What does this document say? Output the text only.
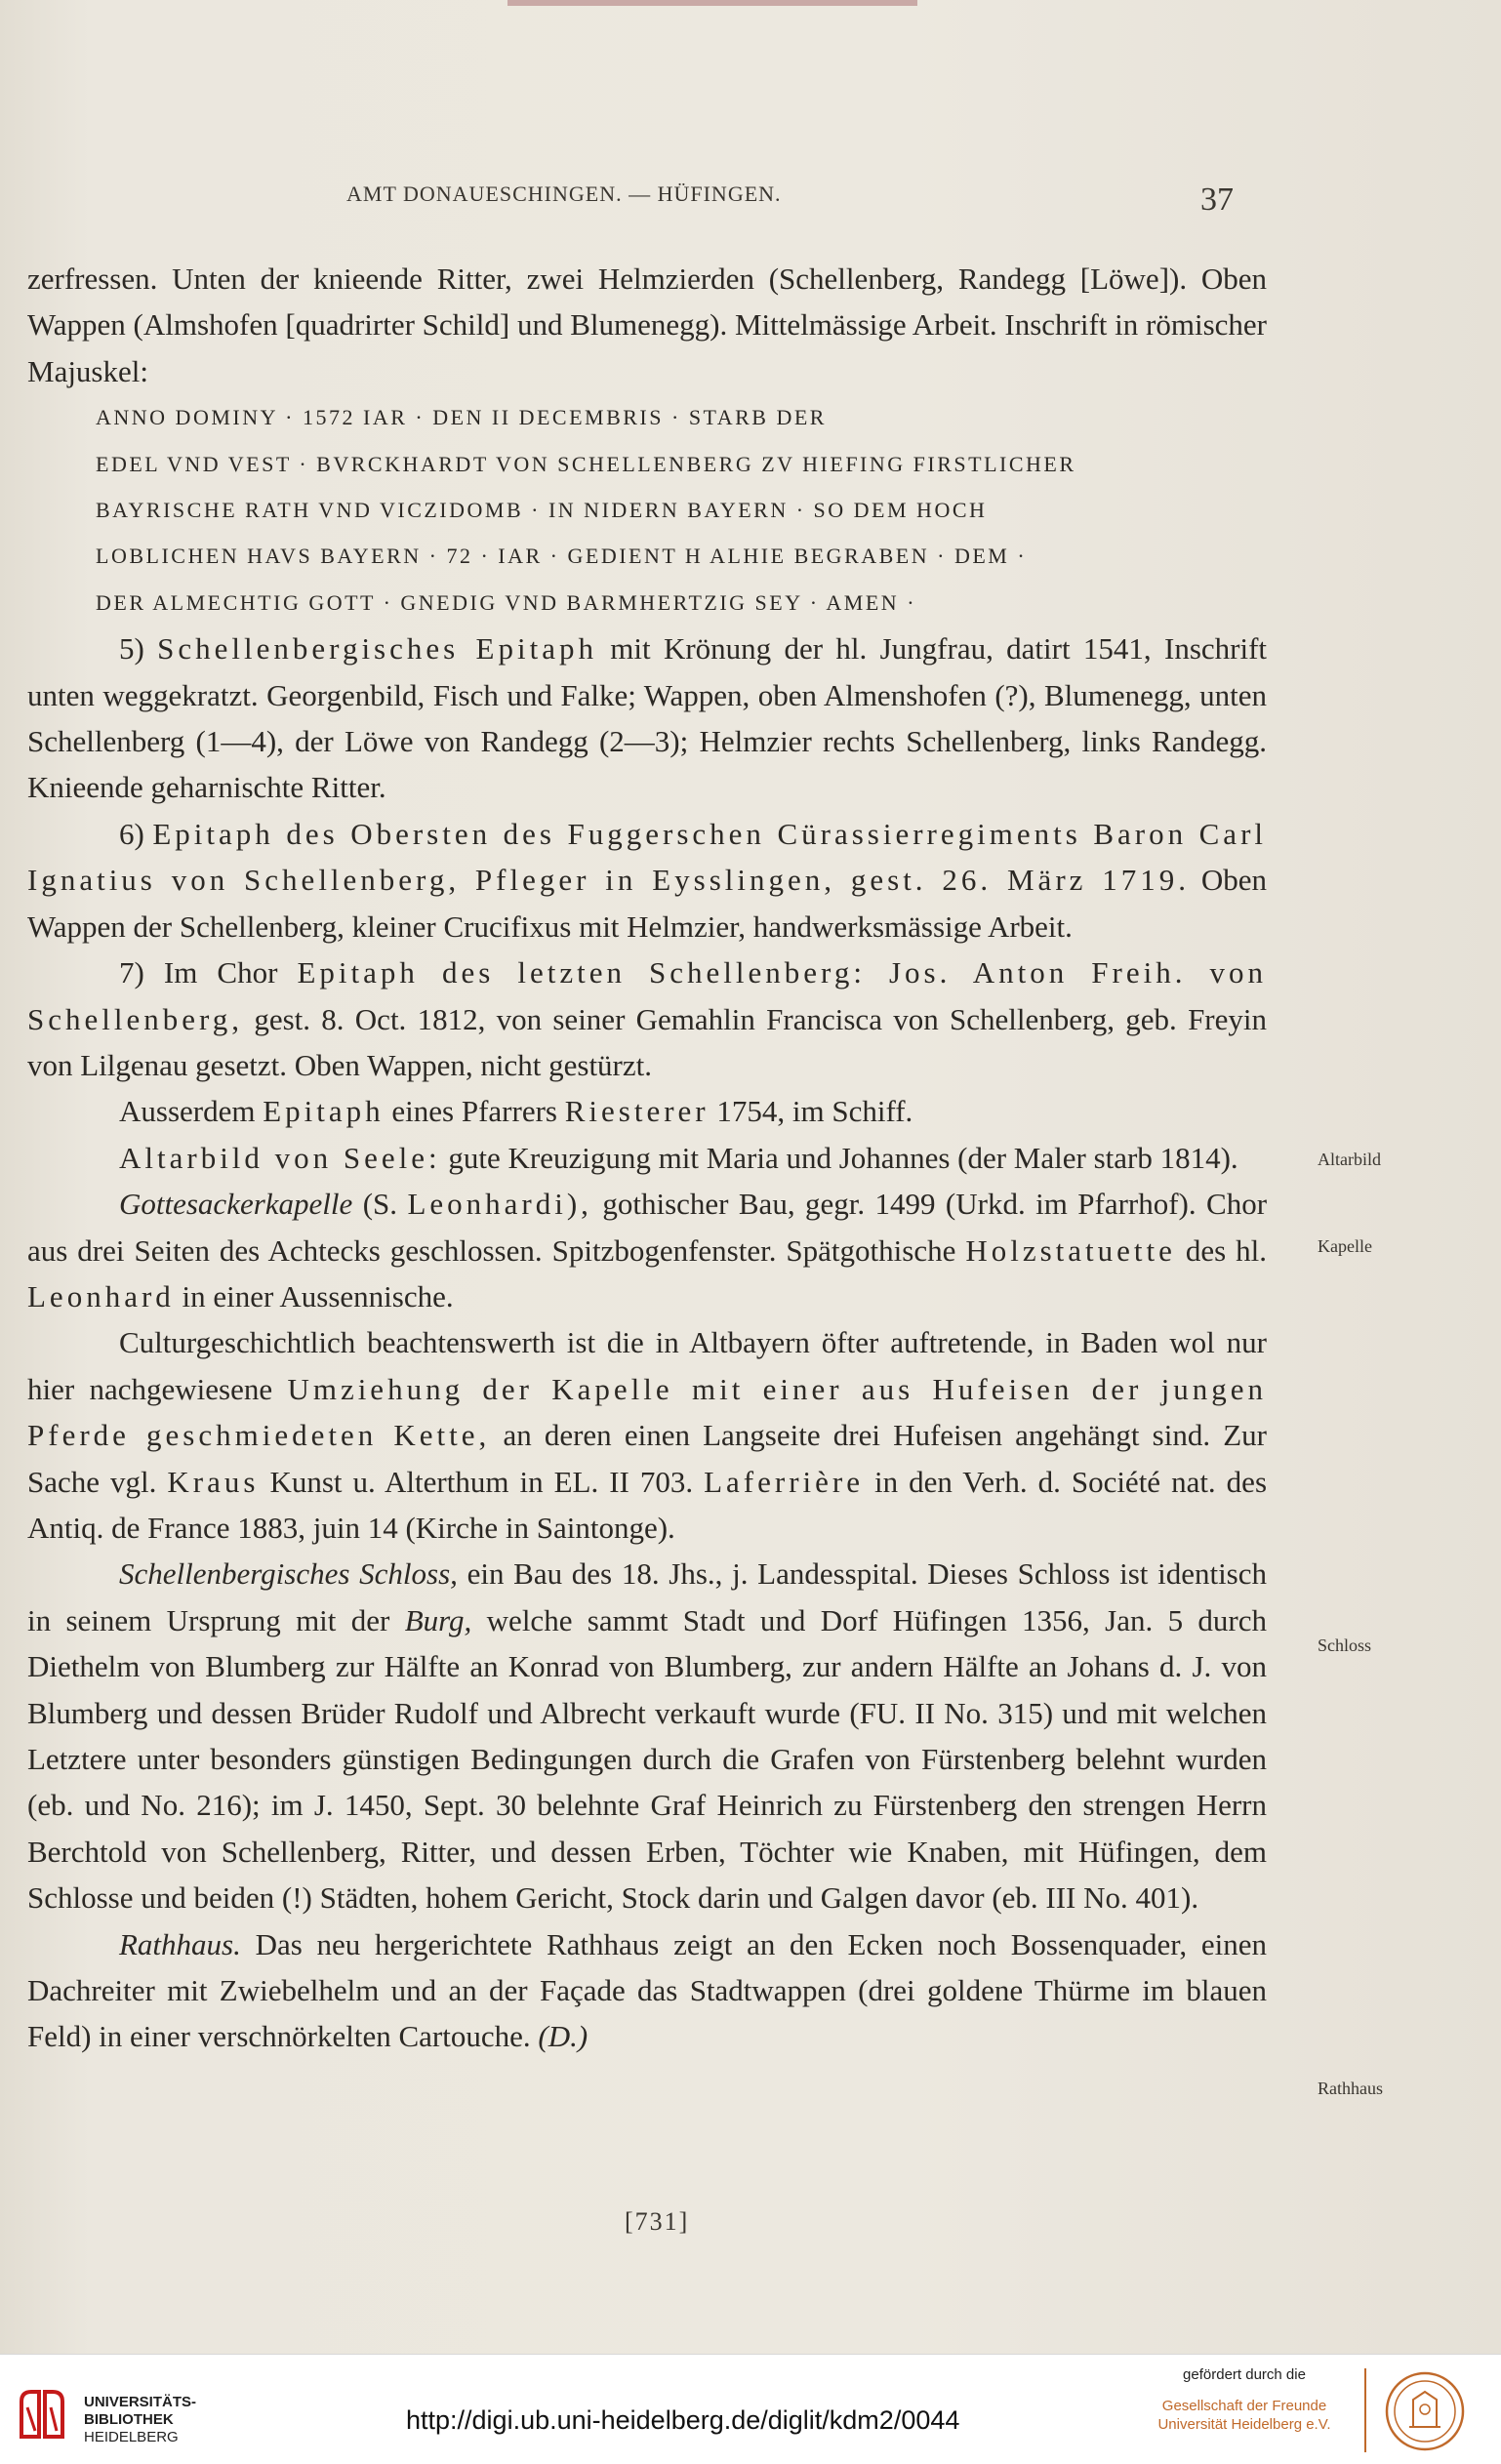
AMT DONAUESCHINGEN. — HÜFINGEN.	37

zerfressen. Unten der knieende Ritter, zwei Helmzierden (Schellenberg, Randegg [Löwe]). Oben Wappen (Almshofen [quadrirter Schild] und Blumenegg). Mittelmässige Arbeit. Inschrift in römischer Majuskel:

ANNO DOMINY · 1572 IAR · DEN II DECEMBRIS · STARB DER

EDEL VND VEST · BVRCKHARDT VON SCHELLENBERG ZV HIEFING FIRSTLICHER

BAYRISCHE RATH VND VICZIDOMB · IN NIDERN BAYERN · SO DEM HOCH

LOBLICHEN HAVS BAYERN · 72 · IAR · GEDIENT H ALHIE BEGRABEN · DEM ·

DER ALMECHTIG GOTT · GNEDIG VND BARMHERTZIG SEY · AMEN ·

5) Schellenbergisches Epitaph mit Krönung der hl. Jungfrau, datirt 1541, Inschrift unten weggekratzt. Georgenbild, Fisch und Falke; Wappen, oben Almenshofen (?), Blumenegg, unten Schellenberg (1—4), der Löwe von Randegg (2—3); Helmzier rechts Schellenberg, links Randegg. Knieende geharnischte Ritter.

6) Epitaph des Obersten des Fuggerschen Cürassierregiments Baron Carl Ignatius von Schellenberg, Pfleger in Eysslingen, gest. 26. März 1719. Oben Wappen der Schellenberg, kleiner Crucifixus mit Helmzier, handwerksmässige Arbeit.

7) Im Chor Epitaph des letzten Schellenberg: Jos. Anton Freih. von Schellenberg, gest. 8. Oct. 1812, von seiner Gemahlin Francisca von Schellenberg, geb. Freyin von Lilgenau gesetzt. Oben Wappen, nicht gestürzt.

Ausserdem Epitaph eines Pfarrers Riesterer 1754, im Schiff.

Altarbild von Seele: gute Kreuzigung mit Maria und Johannes (der Maler starb 1814).

Gottesackerkapelle (S. Leonhardi), gothischer Bau, gegr. 1499 (Urkd. im Pfarrhof). Chor aus drei Seiten des Achtecks geschlossen. Spitzbogenfenster. Spätgothische Holzstatuette des hl. Leonhard in einer Aussennische.

Culturgeschichtlich beachtenswerth ist die in Altbayern öfter auftretende, in Baden wol nur hier nachgewiesene Umziehung der Kapelle mit einer aus Hufeisen der jungen Pferde geschmiedeten Kette, an deren einen Langseite drei Hufeisen angehängt sind. Zur Sache vgl. Kraus Kunst u. Alterthum in EL. II 703. Laferrière in den Verh. d. Société nat. des Antiq. de France 1883, juin 14 (Kirche in Saintonge).

Schellenbergisches Schloss, ein Bau des 18. Jhs., j. Landesspital. Dieses Schloss ist identisch in seinem Ursprung mit der Burg, welche sammt Stadt und Dorf Hüfingen 1356, Jan. 5 durch Diethelm von Blumberg zur Hälfte an Konrad von Blumberg, zur andern Hälfte an Johans d. J. von Blumberg und dessen Brüder Rudolf und Albrecht verkauft wurde (FU. II No. 315) und mit welchen Letztere unter besonders günstigen Bedingungen durch die Grafen von Fürstenberg belehnt wurden (eb. und No. 216); im J. 1450, Sept. 30 belehnte Graf Heinrich zu Fürstenberg den strengen Herrn Berchtold von Schellenberg, Ritter, und dessen Erben, Töchter wie Knaben, mit Hüfingen, dem Schlosse und beiden (!) Städten, hohem Gericht, Stock darin und Galgen davor (eb. III No. 401).

Rathhaus. Das neu hergerichtete Rathhaus zeigt an den Ecken noch Bossenquader, einen Dachreiter mit Zwiebelhelm und an der Façade das Stadtwappen (drei goldene Thürme im blauen Feld) in einer verschnörkelten Cartouche. (D.)

Altarbild
Kapelle
Schloss
Rathhaus
[731]
UNIVERSITÄTS-
BIBLIOTHEK
HEIDELBERG
http://digi.ub.uni-heidelberg.de/diglit/kdm2/0044
gefördert durch die
Gesellschaft der Freunde
Universität Heidelberg e.V.
